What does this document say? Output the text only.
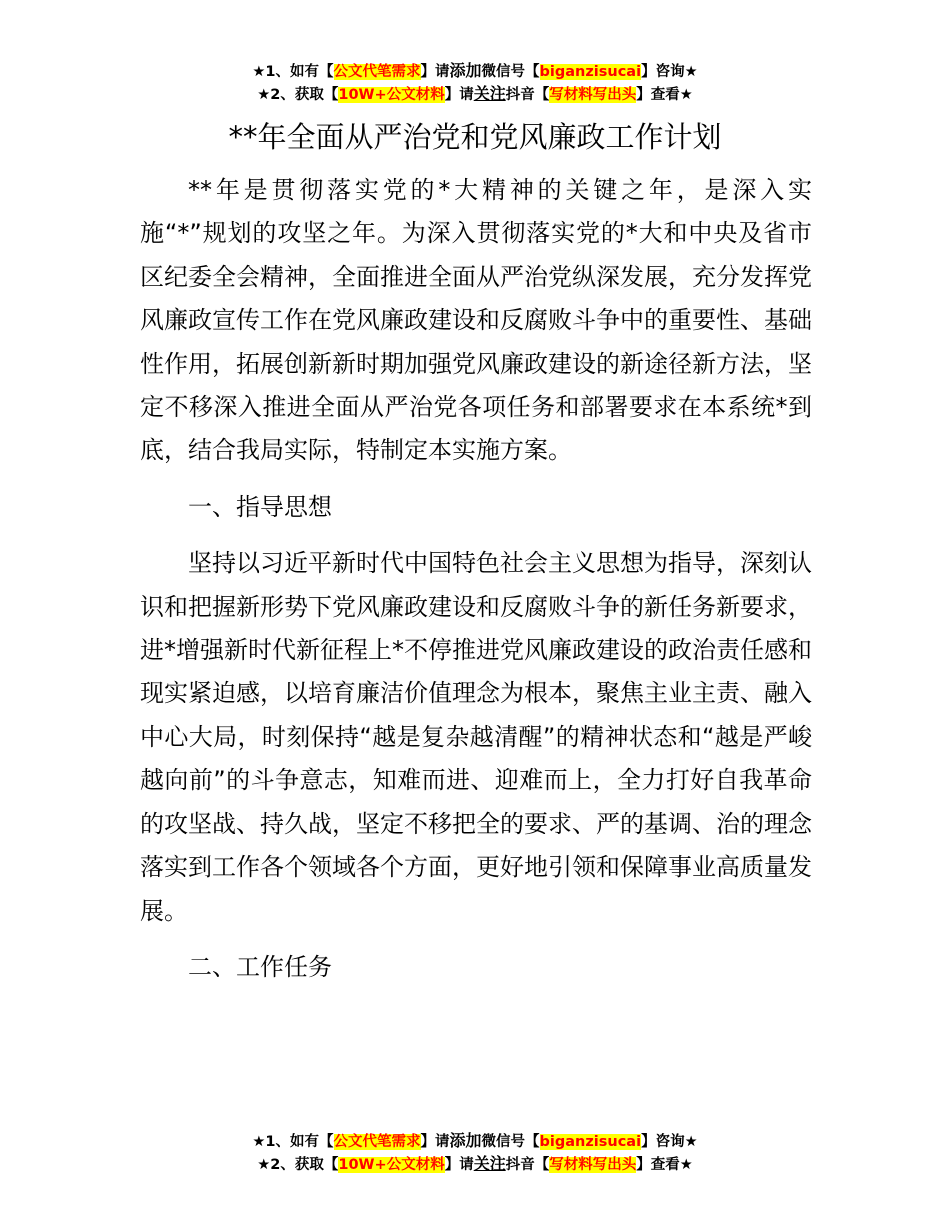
★1、如有【公文代笔需求】请添加微信号【biganzisucai】咨询★
★2、获取【10W+公文材料】请关注抖音【写材料写出头】查看★
**年全面从严治党和党风廉政工作计划

**年是贯彻落实党的*大精神的关键之年，是深入实施“*”规划的攻坚之年。为深入贯彻落实党的*大和中央及省市区纪委全会精神，全面推进全面从严治党纵深发展，充分发挥党风廉政宣传工作在党风廉政建设和反腐败斗争中的重要性、基础性作用，拓展创新新时期加强党风廉政建设的新途径新方法，坚定不移深入推进全面从严治党各项任务和部署要求在本系统*到底，结合我局实际，特制定本实施方案。

一、指导思想

坚持以习近平新时代中国特色社会主义思想为指导，深刻认识和把握新形势下党风廉政建设和反腐败斗争的新任务新要求，进*增强新时代新征程上*不停推进党风廉政建设的政治责任感和现实紧迫感，以培育廉洁价值理念为根本，聚焦主业主责、融入中心大局，时刻保持“越是复杂越清醒”的精神状态和“越是严峻越向前”的斗争意志，知难而进、迎难而上，全力打好自我革命的攻坚战、持久战，坚定不移把全的要求、严的基调、治的理念落实到工作各个领域各个方面，更好地引领和保障事业高质量发展。

二、工作任务

★1、如有【公文代笔需求】请添加微信号【biganzisucai】咨询★
★2、获取【10W+公文材料】请关注抖音【写材料写出头】查看★
